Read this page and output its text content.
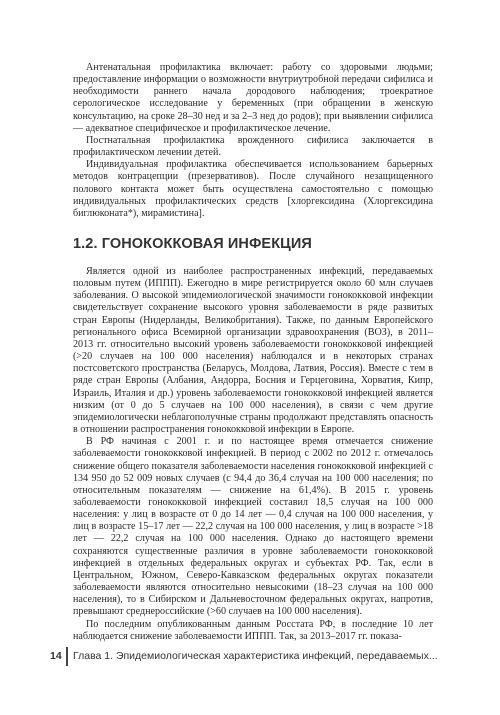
Антенатальная профилактика включает: работу со здоровыми людьми; предоставление информации о возможности внутриутробной передачи сифилиса и необходимости раннего начала дородового наблюдения; троекратное серологическое исследование у беременных (при обращении в женскую консультацию, на сроке 28–30 нед и за 2–3 нед до родов); при выявлении сифилиса — адекватное специфическое и профилактическое лечение.

Постнатальная профилактика врожденного сифилиса заключается в профилактическом лечении детей.

Индивидуальная профилактика обеспечивается использованием барьерных методов контрацепции (презервативов). После случайного незащищенного полового контакта может быть осуществлена самостоятельно с помощью индивидуальных профилактических средств [хлоргексидина (Хлоргексидина биглюконата*), мирамистина].

1.2. ГОНОКОККОВАЯ ИНФЕКЦИЯ

Является одной из наиболее распространенных инфекций, передаваемых половым путем (ИППП). Ежегодно в мире регистрируется около 60 млн случаев заболевания. О высокой эпидемиологической значимости гонококковой инфекции свидетельствует сохранение высокого уровня заболеваемости в ряде развитых стран Европы (Нидерланды, Великобритания). Также, по данным Европейского регионального офиса Всемирной организации здравоохранения (ВОЗ), в 2011–2013 гг. относительно высокий уровень заболеваемости гонококковой инфекцией (>20 случаев на 100 000 населения) наблюдался и в некоторых странах постсоветского пространства (Беларусь, Молдова, Латвия, Россия). Вместе с тем в ряде стран Европы (Албания, Андорра, Босния и Герцеговина, Хорватия, Кипр, Израиль, Италия и др.) уровень заболеваемости гонококковой инфекцией является низким (от 0 до 5 случаев на 100 000 населения), в связи с чем другие эпидемиологически неблагополучные страны продолжают представлять опасность в отношении распространения гонококковой инфекции в Европе.

В РФ начиная с 2001 г. и по настоящее время отмечается снижение заболеваемости гонококковой инфекцией. В период с 2002 по 2012 г. отмечалось снижение общего показателя заболеваемости населения гонококковой инфекцией с 134 950 до 52 009 новых случаев (с 94,4 до 36,4 случая на 100 000 населения; по относительным показателям — снижение на 61,4%). В 2015 г. уровень заболеваемости гонококковой инфекцией составил 18,5 случая на 100 000 населения: у лиц в возрасте от 0 до 14 лет — 0,4 случая на 100 000 населения, у лиц в возрасте 15–17 лет — 22,2 случая на 100 000 населения, у лиц в возрасте >18 лет — 22,2 случая на 100 000 населения. Однако до настоящего времени сохраняются существенные различия в уровне заболеваемости гонококковой инфекцией в отдельных федеральных округах и субъектах РФ. Так, если в Центральном, Южном, Северо-Кавказском федеральных округах показатели заболеваемости являются относительно невысокими (18–23 случая на 100 000 населения), то в Сибирском и Дальневосточном федеральных округах, напротив, превышают среднероссийские (>60 случаев на 100 000 населения).

По последним опубликованным данным Росстата РФ, в последние 10 лет наблюдается снижение заболеваемости ИППП. Так, за 2013–2017 гг. показа-

14 Глава 1. Эпидемиологическая характеристика инфекций, передаваемых...
